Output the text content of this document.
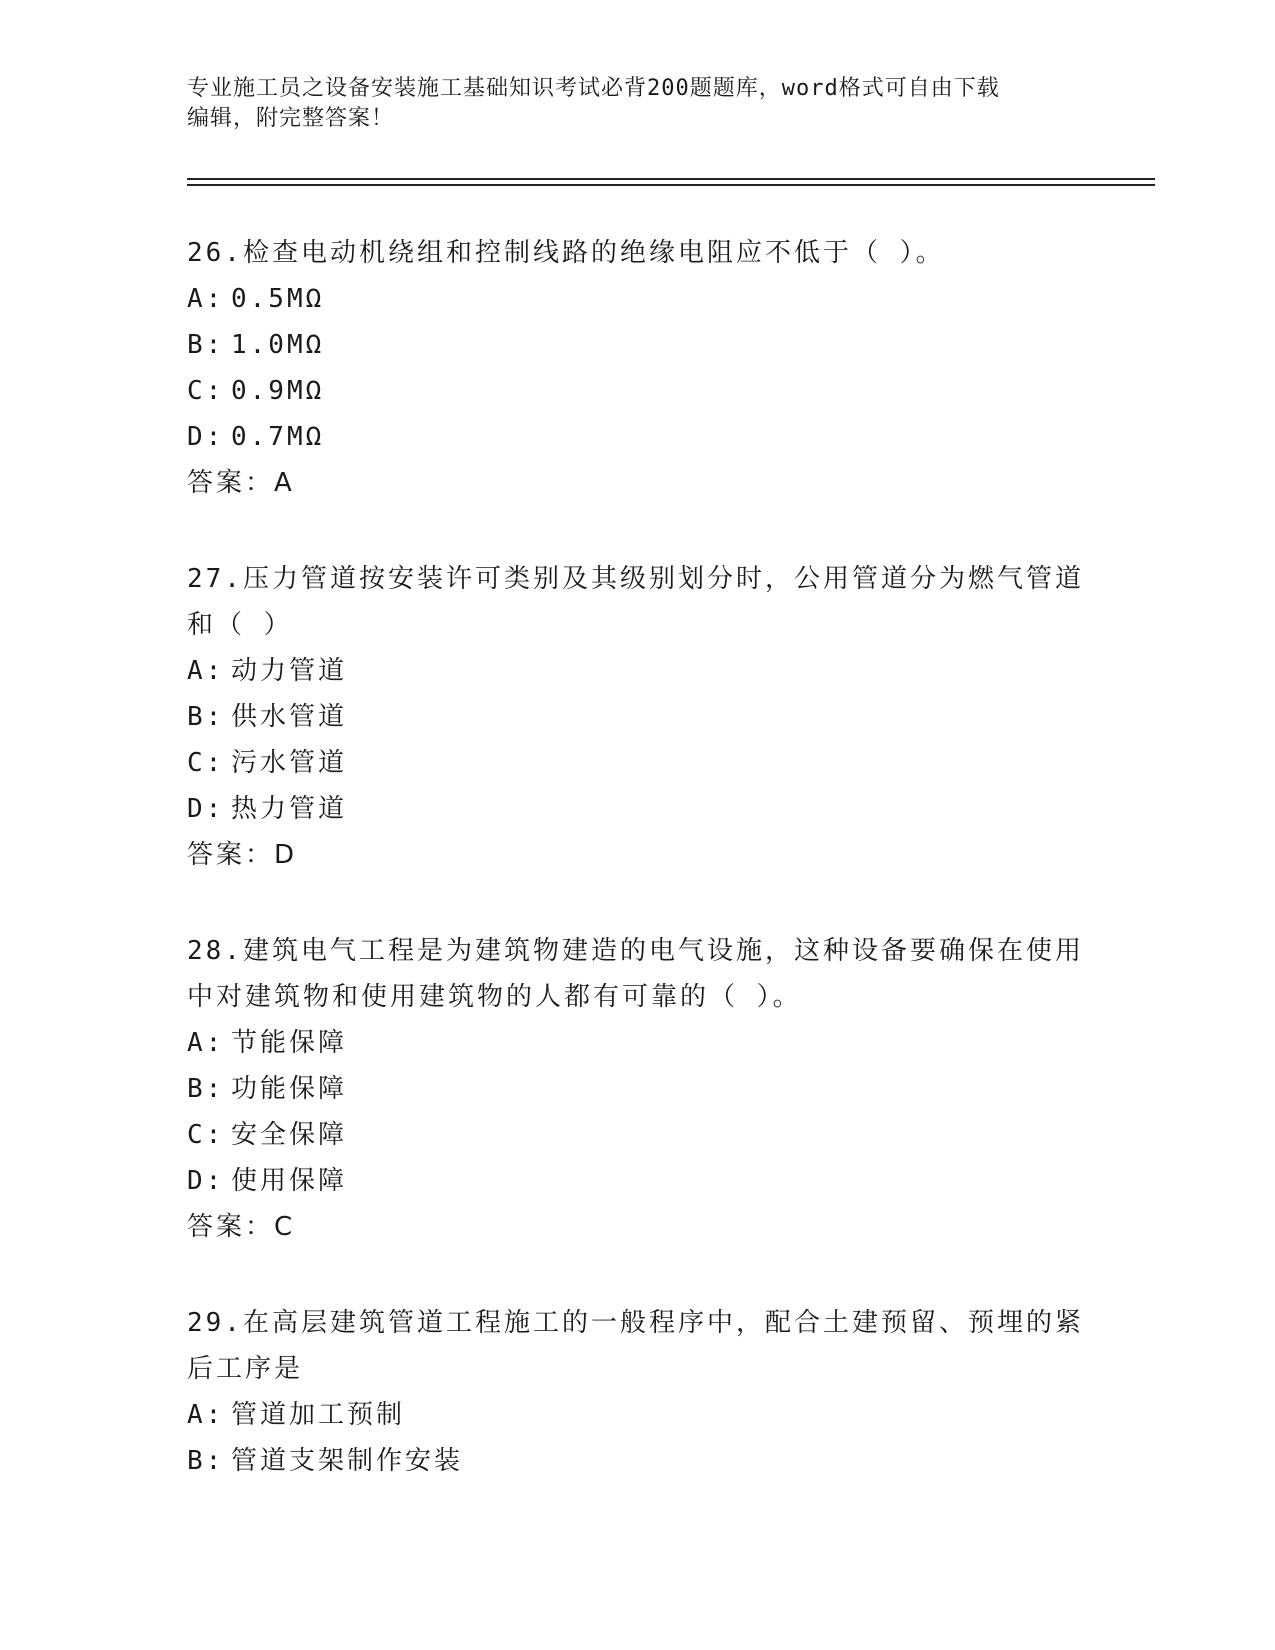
专业施工员之设备安装施工基础知识考试必背200题题库，word格式可自由下载
编辑，附完整答案！

26.检查电动机绕组和控制线路的绝缘电阻应不低于（ ）。

A: 0.5MΩ

B: 1.0MΩ

C: 0.9MΩ

D: 0.7MΩ

答案：A

27.压力管道按安装许可类别及其级别划分时，公用管道分为燃气管道和（ ）

A: 动力管道

B: 供水管道

C: 污水管道

D: 热力管道

答案：D

28.建筑电气工程是为建筑物建造的电气设施，这种设备要确保在使用中对建筑物和使用建筑物的人都有可靠的（ ）。

A: 节能保障

B: 功能保障

C: 安全保障

D: 使用保障

答案：C

29.在高层建筑管道工程施工的一般程序中，配合土建预留、预埋的紧后工序是

A: 管道加工预制

B: 管道支架制作安装
